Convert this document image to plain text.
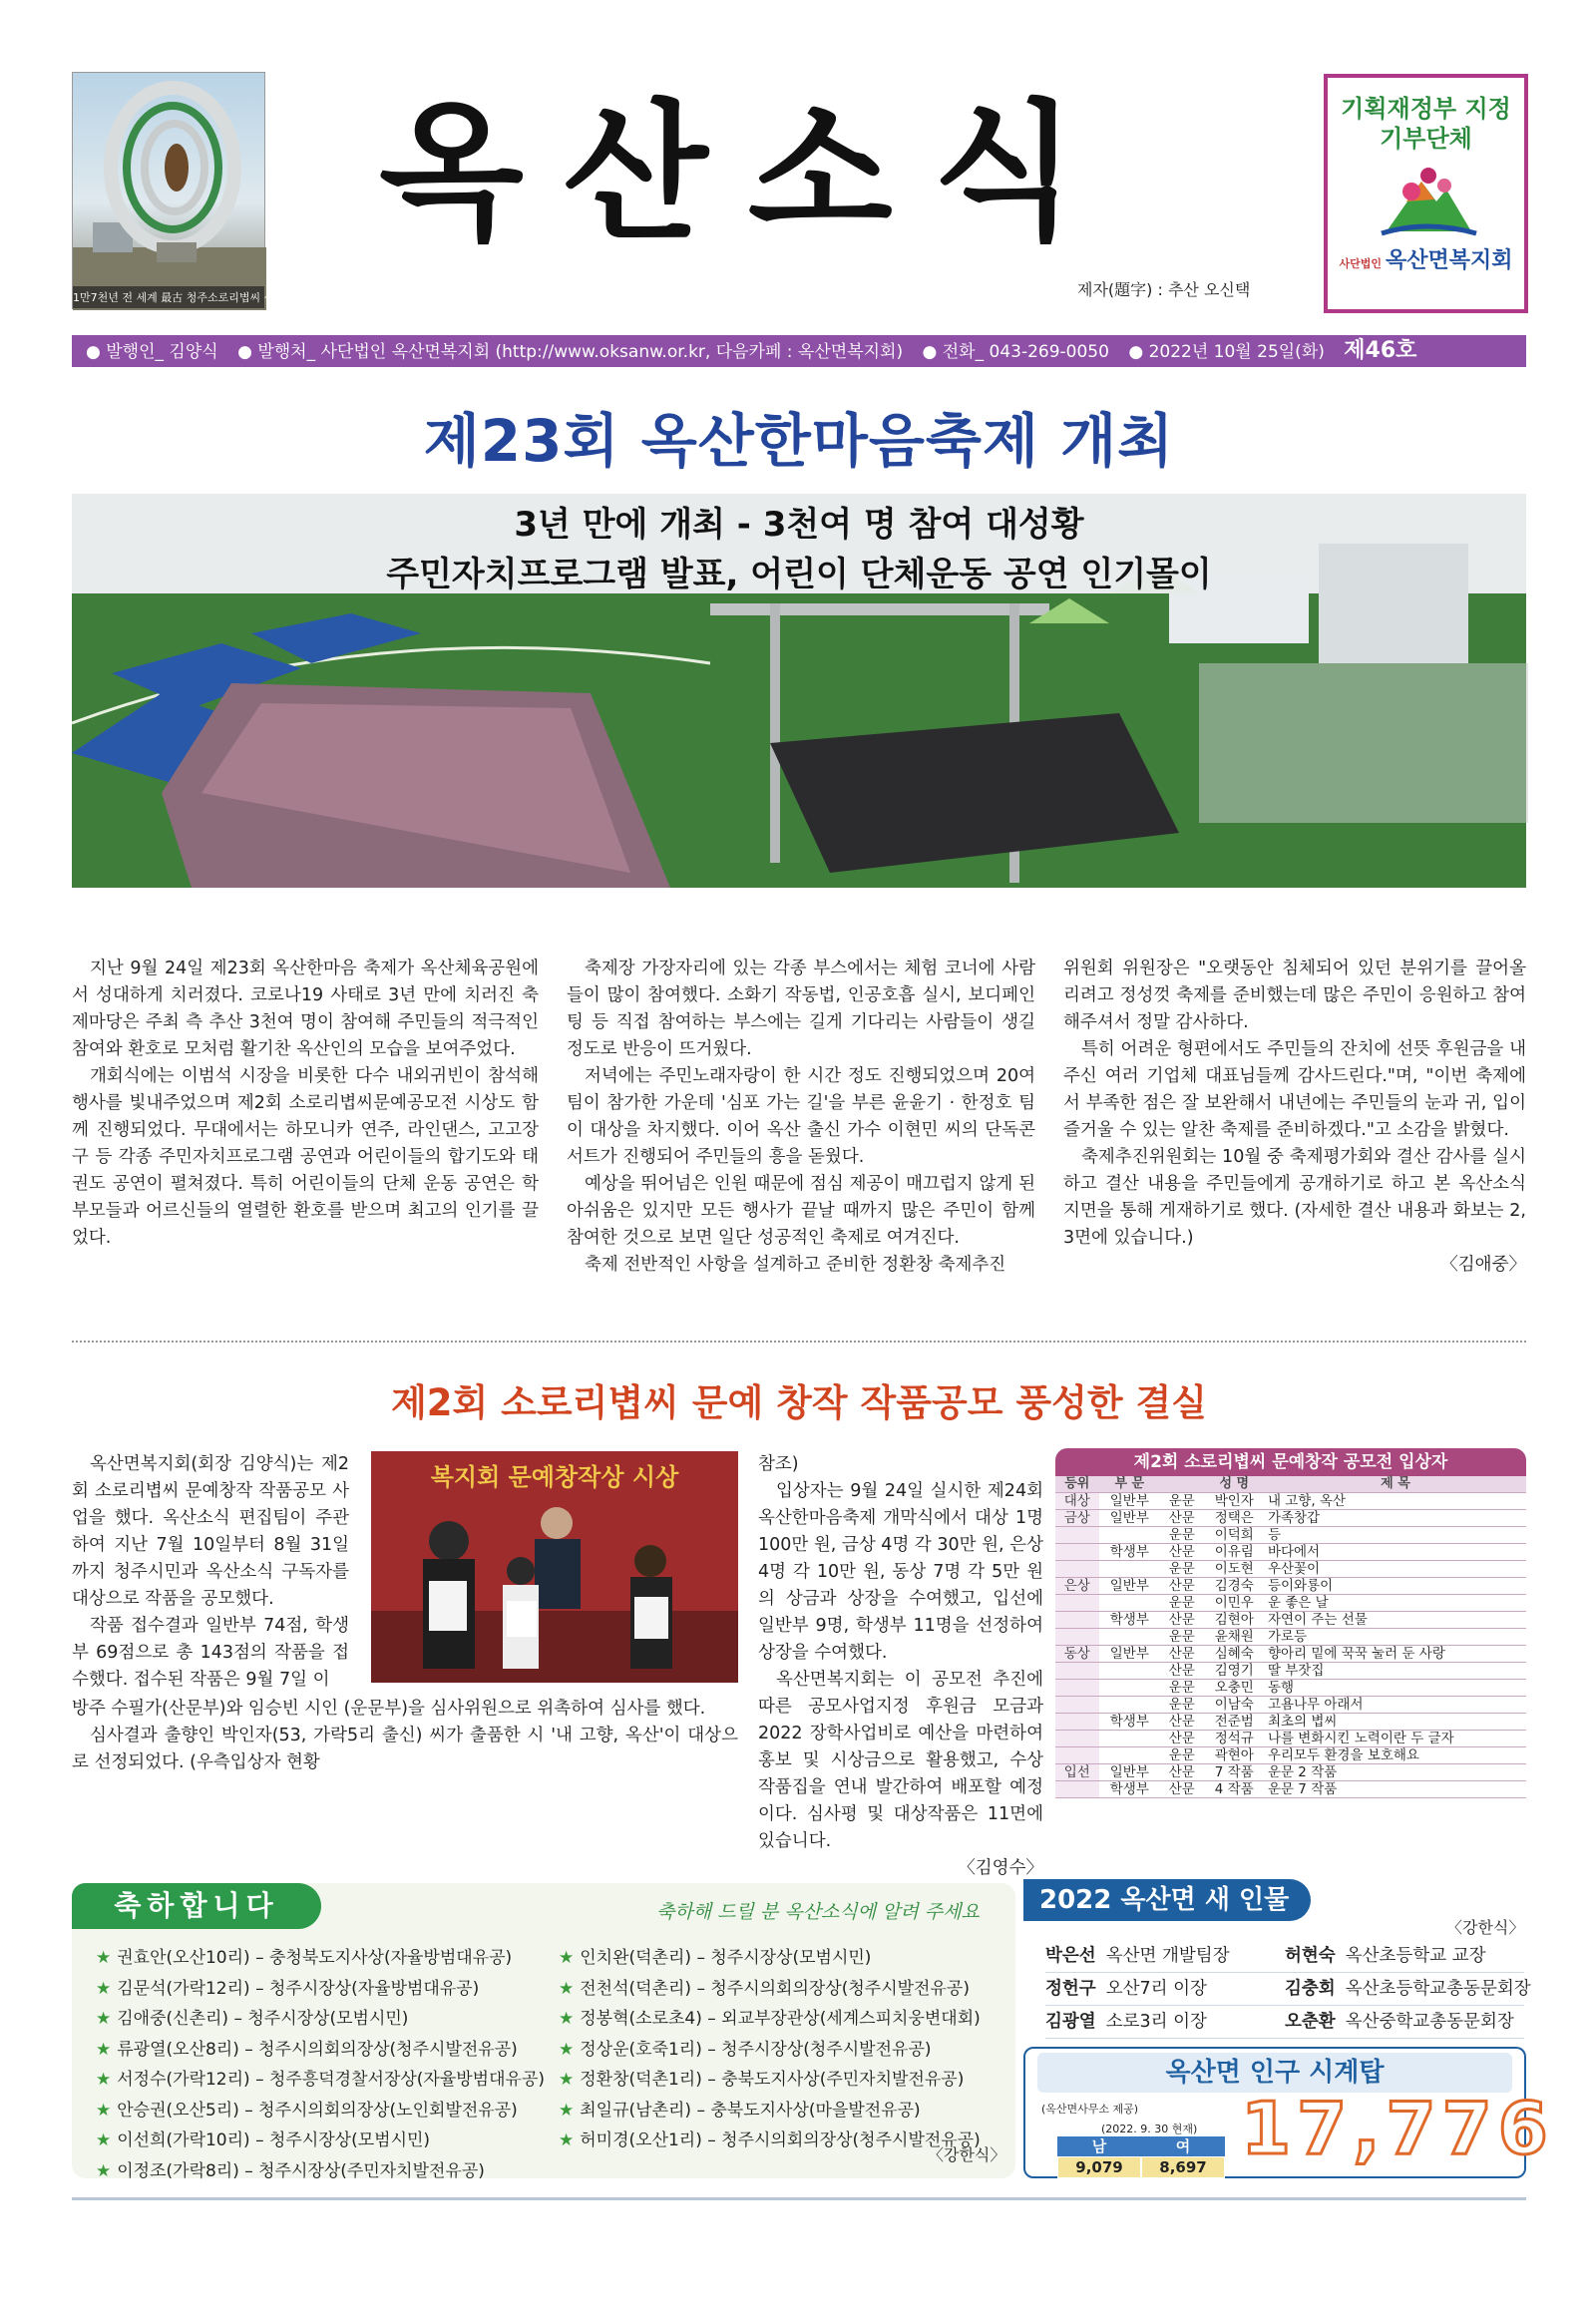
1만7천년 전 세계 最古 청주소로리볍씨 상징탑
옥산소식
제자(題字) : 추산 오신택
기획재정부 지정
기부단체
사단법인 옥산면복지회
● 발행인_ 김양식 ● 발행처_ 사단법인 옥산면복지회 (http://www.oksanw.or.kr, 다음카페 : 옥산면복지회) ● 전화_ 043-269-0050 ● 2022년 10월 25일(화) 제46호
제23회 옥산한마음축제 개최
3년 만에 개최 - 3천여 명 참여 대성황
주민자치프로그램 발표, 어린이 단체운동 공연 인기몰이

지난 9월 24일 제23회 옥산한마음 축제가 옥산체육공원에서 성대하게 치러졌다. 코로나19 사태로 3년 만에 치러진 축제마당은 주최 측 추산 3천여 명이 참여해 주민들의 적극적인 참여와 환호로 모처럼 활기찬 옥산인의 모습을 보여주었다.

개회식에는 이범석 시장을 비롯한 다수 내외귀빈이 참석해 행사를 빛내주었으며 제2회 소로리볍씨문예공모전 시상도 함께 진행되었다. 무대에서는 하모니카 연주, 라인댄스, 고고장구 등 각종 주민자치프로그램 공연과 어린이들의 합기도와 태권도 공연이 펼쳐졌다. 특히 어린이들의 단체 운동 공연은 학부모들과 어르신들의 열렬한 환호를 받으며 최고의 인기를 끌었다.

축제장 가장자리에 있는 각종 부스에서는 체험 코너에 사람들이 많이 참여했다. 소화기 작동법, 인공호흡 실시, 보디페인팅 등 직접 참여하는 부스에는 길게 기다리는 사람들이 생길 정도로 반응이 뜨거웠다.

저녁에는 주민노래자랑이 한 시간 정도 진행되었으며 20여 팀이 참가한 가운데 '심포 가는 길'을 부른 윤윤기 · 한정호 팀이 대상을 차지했다. 이어 옥산 출신 가수 이현민 씨의 단독콘서트가 진행되어 주민들의 흥을 돋웠다.

예상을 뛰어넘은 인원 때문에 점심 제공이 매끄럽지 않게 된 아쉬움은 있지만 모든 행사가 끝날 때까지 많은 주민이 함께 참여한 것으로 보면 일단 성공적인 축제로 여겨진다.

축제 전반적인 사항을 설계하고 준비한 정환창 축제추진

위원회 위원장은 "오랫동안 침체되어 있던 분위기를 끌어올리려고 정성껏 축제를 준비했는데 많은 주민이 응원하고 참여해주셔서 정말 감사하다.

특히 어려운 형편에서도 주민들의 잔치에 선뜻 후원금을 내주신 여러 기업체 대표님들께 감사드린다."며, "이번 축제에서 부족한 점은 잘 보완해서 내년에는 주민들의 눈과 귀, 입이 즐거울 수 있는 알찬 축제를 준비하겠다."고 소감을 밝혔다.

축제추진위원회는 10월 중 축제평가회와 결산 감사를 실시하고 결산 내용을 주민들에게 공개하기로 하고 본 옥산소식 지면을 통해 게재하기로 했다. (자세한 결산 내용과 화보는 2, 3면에 있습니다.)

〈김애중〉
제2회 소로리볍씨 문예 창작 작품공모 풍성한 결실

옥산면복지회(회장 김양식)는 제2회 소로리볍씨 문예창작 작품공모 사업을 했다. 옥산소식 편집팀이 주관하여 지난 7월 10일부터 8월 31일까지 청주시민과 옥산소식 구독자를 대상으로 작품을 공모했다.

작품 접수결과 일반부 74점, 학생부 69점으로 총 143점의 작품을 접수했다. 접수된 작품은 9월 7일 이

복지회 문예창작상 시상

방주 수필가(산문부)와 임승빈 시인 (운문부)을 심사위원으로 위촉하여 심사를 했다.

심사결과 출향인 박인자(53, 가락5리 출신) 씨가 출품한 시 '내 고향, 옥산'이 대상으로 선정되었다. (우측입상자 현황

참조)

입상자는 9월 24일 실시한 제24회 옥산한마음축제 개막식에서 대상 1명 100만 원, 금상 4명 각 30만 원, 은상 4명 각 10만 원, 동상 7명 각 5만 원의 상금과 상장을 수여했고, 입선에 일반부 9명, 학생부 11명을 선정하여 상장을 수여했다.

옥산면복지회는 이 공모전 추진에 따른 공모사업지정 후원금 모금과 2022 장학사업비로 예산을 마련하여 홍보 및 시상금으로 활용했고, 수상 작품집을 연내 발간하여 배포할 예정이다. 심사평 및 대상작품은 11면에 있습니다.

〈김영수〉
제2회 소로리볍씨 문예창작 공모전 입상자
등위	부 문		성 명	제 목
대상	일반부	운문	박인자	내 고향, 옥산
금상	일반부	산문	정택은	가족창갑
		운문	이덕희	등
	학생부	산문	이유림	바다에서
		운문	이도현	우산꽃이
은상	일반부	산문	김경숙	등이와룡이
		운문	이민우	운 좋은 날
	학생부	산문	김현아	자연이 주는 선물
		운문	윤채원	가로등
동상	일반부	산문	심혜숙	향아리 밑에 꾹꾹 눌러 둔 사랑
		산문	김영기	딸 부잣집
		운문	오충민	동행
		운문	이남숙	고욤나무 아래서
	학생부	산문	전준범	최초의 볍씨
		산문	정석규	나를 변화시킨 노력이란 두 글자
		운문	곽현아	우리모두 환경을 보호해요
입선	일반부	산문	7 작품	운문 2 작품
	학생부	산문	4 작품	운문 7 작품
축하합니다	축하해 드릴 분 옥산소식에 알려 주세요
★ 권효안(오산10리) – 충청북도지사상(자율방범대유공)
★ 김문석(가락12리) – 청주시장상(자율방범대유공)
★ 김애중(신촌리) – 청주시장상(모범시민)
★ 류광열(오산8리) – 청주시의회의장상(청주시발전유공)
★ 서정수(가락12리) – 청주흥덕경찰서장상(자율방범대유공)
★ 안승권(오산5리) – 청주시의회의장상(노인회발전유공)
★ 이선희(가락10리) – 청주시장상(모범시민)
★ 이정조(가락8리) – 청주시장상(주민자치발전유공)
★ 인치완(덕촌리) – 청주시장상(모범시민)
★ 전천석(덕촌리) – 청주시의회의장상(청주시발전유공)
★ 정봉혁(소로초4) – 외교부장관상(세계스피치웅변대회)
★ 정상운(호죽1리) – 청주시장상(청주시발전유공)
★ 정환창(덕촌1리) – 충북도지사상(주민자치발전유공)
★ 최일규(남촌리) – 충북도지사상(마을발전유공)
★ 허미경(오산1리) – 청주시의회의장상(청주시발전유공)
〈강한식〉
2022 옥산면 새 인물
〈강한식〉
박은선 옥산면 개발팀장	허현숙 옥산초등학교 교장
정헌구 오산7리 이장	김충회 옥산초등학교총동문회장
김광열 소로3리 이장	오춘환 옥산중학교총동문회장
옥산면 인구 시계탑
(옥산면사무소 제공)
(2022. 9. 30 현재)
남	여
9,079	8,697 17,776
